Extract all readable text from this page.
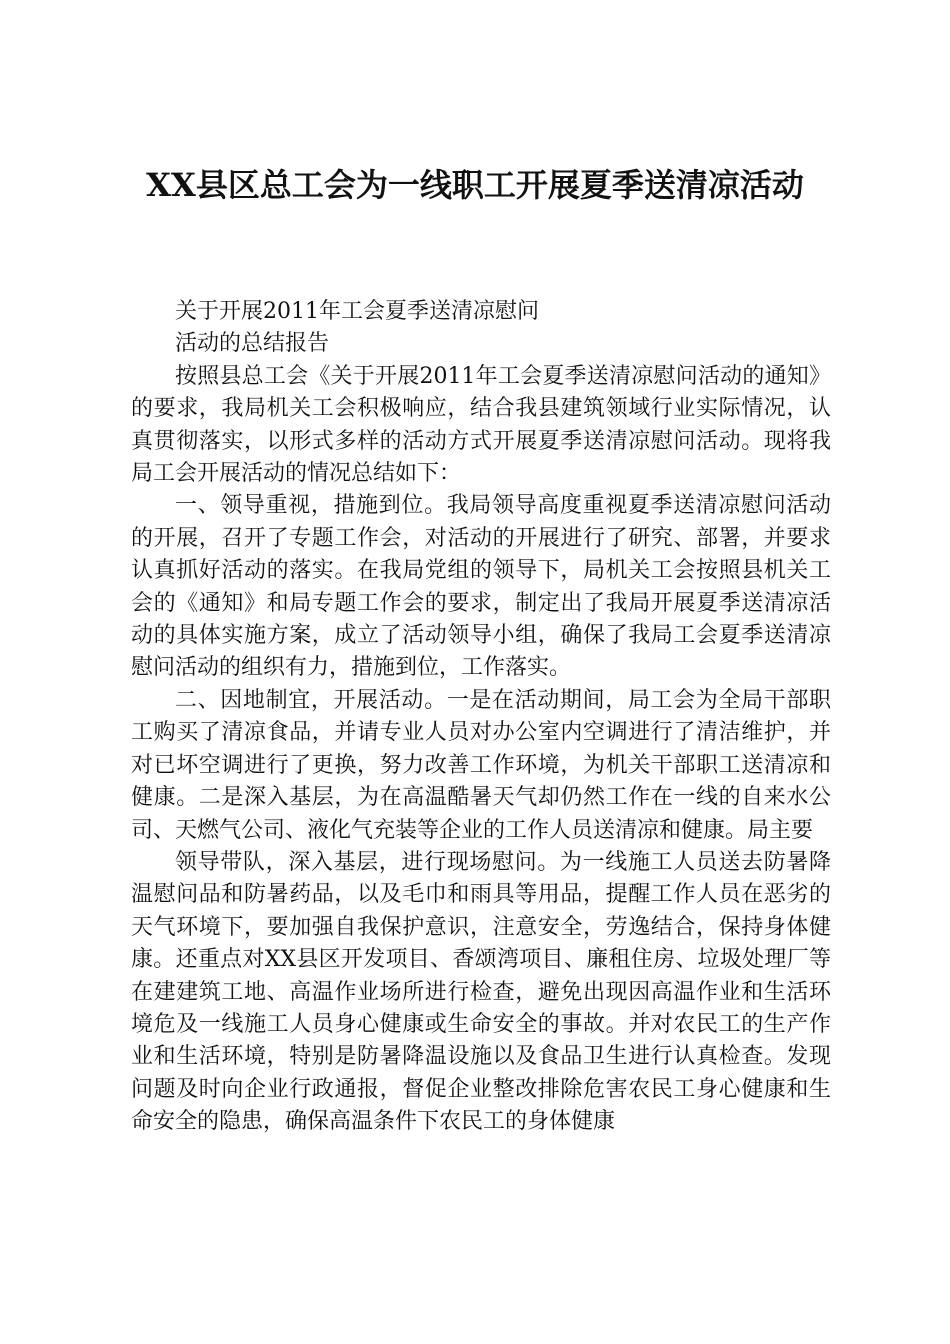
XX县区总工会为一线职工开展夏季送清凉活动

关于开展2011年工会夏季送清凉慰问

活动的总结报告

按照县总工会《关于开展2011年工会夏季送清凉慰问活动的通知》的要求，我局机关工会积极响应，结合我县建筑领域行业实际情况，认真贯彻落实，以形式多样的活动方式开展夏季送清凉慰问活动。现将我局工会开展活动的情况总结如下：

一、领导重视，措施到位。我局领导高度重视夏季送清凉慰问活动的开展，召开了专题工作会，对活动的开展进行了研究、部署，并要求认真抓好活动的落实。在我局党组的领导下，局机关工会按照县机关工会的《通知》和局专题工作会的要求，制定出了我局开展夏季送清凉活动的具体实施方案，成立了活动领导小组，确保了我局工会夏季送清凉慰问活动的组织有力，措施到位，工作落实。

二、因地制宜，开展活动。一是在活动期间，局工会为全局干部职工购买了清凉食品，并请专业人员对办公室内空调进行了清洁维护，并对已坏空调进行了更换，努力改善工作环境，为机关干部职工送清凉和健康。二是深入基层，为在高温酷暑天气却仍然工作在一线的自来水公司、天燃气公司、液化气充装等企业的工作人员送清凉和健康。局主要

领导带队，深入基层，进行现场慰问。为一线施工人员送去防暑降温慰问品和防暑药品，以及毛巾和雨具等用品，提醒工作人员在恶劣的天气环境下，要加强自我保护意识，注意安全，劳逸结合，保持身体健康。还重点对XX县区开发项目、香颂湾项目、廉租住房、垃圾处理厂等在建建筑工地、高温作业场所进行检查，避免出现因高温作业和生活环境危及一线施工人员身心健康或生命安全的事故。并对农民工的生产作业和生活环境，特别是防暑降温设施以及食品卫生进行认真检查。发现问题及时向企业行政通报，督促企业整改排除危害农民工身心健康和生命安全的隐患，确保高温条件下农民工的身体健康
